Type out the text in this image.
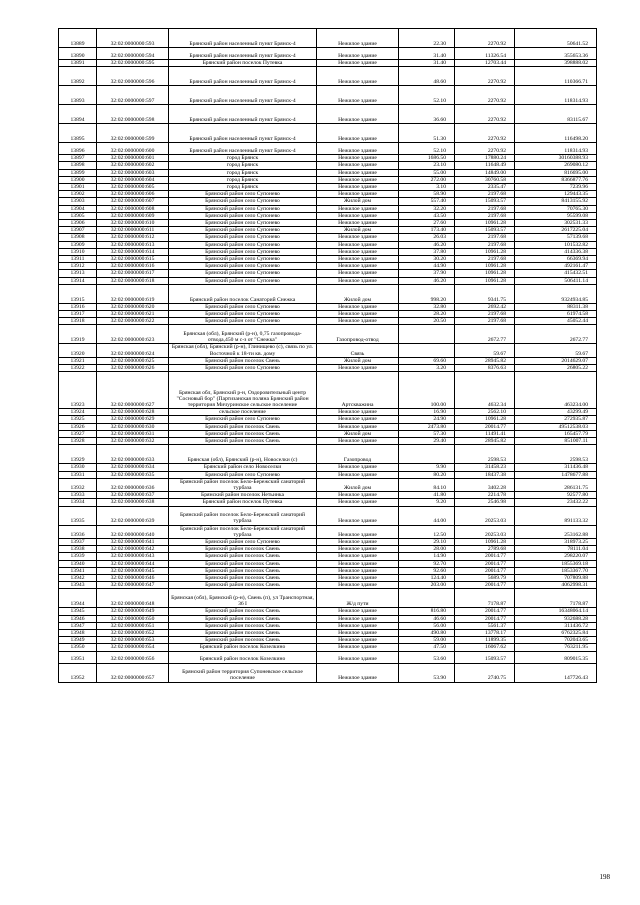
13889	32:02:0000000:593	Брянский район населенный пункт Брянск-4	Нежилое здание	22.30	2270.92	50641.52
13890	32:02:0000000:594	Брянский район населенный пункт Брянск-4	Нежилое здание	31.40	11326.54	355653.36
13891	32:02:0000000:595	Брянский район поселок Путевка	Нежилое здание	31.40	12703.44	398888.02
13892	32:02:0000000:596	Брянский район населенный пункт Брянск-4	Нежилое здание	48.60	2270.92	110366.71
13893	32:02:0000000:597	Брянский район населенный пункт Брянск-4	Нежилое здание	52.10	2270.92	118314.93
13894	32:02:0000000:598	Брянский район населенный пункт Брянск-4	Нежилое здание	36.60	2270.92	83115.67
13895	32:02:0000000:599	Брянский район населенный пункт Брянск-4	Нежилое здание	51.30	2270.92	116498.20
13896	32:02:0000000:600	Брянский район населенный пункт Брянск-4	Нежилое здание	52.10	2270.92	118314.93
13897	32:02:0000000:601	город Брянск	Нежилое здание	1686.50	17880.24	30160388.93
13898	32:02:0000000:602	город Брянск	Нежилое здание	23.10	11648.49	269080.12
13899	32:02:0000000:603	город Брянск	Нежилое здание	55.00	14849.00	816695.00
13900	32:02:0000000:604	город Брянск	Нежилое здание	272.00	30760.58	8366877.76
13901	32:02:0000000:605	город Брянск	Нежилое здание	3.10	2335.47	7239.96
13902	32:02:0000000:606	Брянский район село Супонево	Нежилое здание	58.90	2197.68	129443.35
13903	32:02:0000000:607	Брянский район село Супонево	Жилой дом	557.40	15093.57	8413155.92
13904	32:02:0000000:608	Брянский район село Супонево	Нежилое здание	32.20	2197.68	70765.30
13905	32:02:0000000:609	Брянский район село Супонево	Нежилое здание	43.50	2197.68	95599.08
13906	32:02:0000000:610	Брянский район село Супонево	Нежилое здание	27.60	10961.28	302531.33
13907	32:02:0000000:611	Брянский район село Супонево	Жилой дом	173.40	15093.57	2617225.04
13908	32:02:0000000:612	Брянский район село Супонево	Нежилое здание	26.03	2197.68	57139.68
13909	32:02:0000000:613	Брянский район село Супонево	Нежилое здание	46.20	2197.68	101532.82
13910	32:02:0000000:614	Брянский район село Супонево	Нежилое здание	37.80	10961.28	414336.38
13911	32:02:0000000:615	Брянский район село Супонево	Нежилое здание	30.20	2197.68	66369.94
13912	32:02:0000000:616	Брянский район село Супонево	Нежилое здание	44.90	10961.28	492161.47
13913	32:02:0000000:617	Брянский район село Супонево	Нежилое здание	37.90	10961.28	415432.51
13914	32:02:0000000:618	Брянский район село Супонево	Нежилое здание	46.20	10961.28	506411.14
13915	32:02:0000000:619	Брянский район поселок Санаторий Снежка	Жилой дом	998.20	9341.75	9324934.85
13916	32:02:0000000:620	Брянский район село Супонево	Нежилое здание	32.80	2692.42	88311.38
13917	32:02:0000000:621	Брянский район село Супонево	Нежилое здание	28.20	2197.68	61974.58
13918	32:02:0000000:622	Брянский район село Супонево	Нежилое здание	20.50	2197.68	45052.44
13919	32:02:0000000:623	Брянская (обл), Брянский (р-н), 0,75 газопровода-отвода,450 м с-з от "Снежка"	Газопровод-отвод		2672.77	2672.77
13920	32:02:0000000:624	Брянская (обл), Брянский (р-н), Глинищево (с), связь по ул. Восточной к 18-ти кв. дому	Связь		59.67	59.67
13921	32:02:0000000:625	Брянский район поселок Свень	Жилой дом	69.60	28945.82	2014629.07
13922	32:02:0000000:626	Брянский район село Супонево	Нежилое здание	3.20	8376.63	26805.22
13923	32:02:0000000:627	Брянская обл, Брянский р-н, Оздоровительный центр "Сосновый бор" (Партизанская поляна Брянский район территория Мичуринское сельское поселение	Артскважина	100.00	4632.34	463234.00
13924	32:02:0000000:628	сельское поселение	Нежилое здание	16.90	2562.10	43299.49
13925	32:02:0000000:629	Брянский район село Супонево	Нежилое здание	24.90	10961.28	272935.87
13926	32:02:0000000:630	Брянский район поселок Свень	Нежилое здание	2473.80	20014.77	49512538.03
13927	32:02:0000000:631	Брянский район поселок Свень	Жилой дом	57.30	11491.41	165457.79
13928	32:02:0000000:632	Брянский район поселок Свень	Нежилое здание	29.40	28945.82	851007.11
13929	32:02:0000000:633	Брянская (обл), Брянский (р-н), Новоселки (с)	Газопровод		2598.53	2598.53
13930	32:02:0000000:634	Брянский район село Новоселки	Нежилое здание	9.90	31458.23	311436.48
13931	32:02:0000000:635	Брянский район село Супонево	Нежилое здание	80.20	18437.38	1478677.88
13932	32:02:0000000:636	Брянский район поселок Бело-Бережский санаторий турбаза	Жилой дом	84.10	3402.28	286131.75
13933	32:02:0000000:637	Брянский район поселок Нетьинка	Нежилое здание	41.80	2214.78	92577.80
13934	32:02:0000000:638	Брянский район поселок Путевка	Нежилое здание	9.20	2546.98	23432.22
13935	32:02:0000000:639	Брянский район поселок Бело-Бережский санаторий турбаза	Нежилое здание	44.00	20253.03	891133.32
13936	32:02:0000000:640	Брянский район поселок Бело-Бережский санаторий турбаза	Нежилое здание	12.50	20253.03	253162.88
13937	32:02:0000000:641	Брянский район село Супонево	Нежилое здание	29.10	10961.28	318973.25
13938	32:02:0000000:642	Брянский район поселок Свень	Нежилое здание	28.00	2789.68	78111.04
13939	32:02:0000000:643	Брянский район поселок Свень	Нежилое здание	14.90	20014.77	298220.07
13940	32:02:0000000:644	Брянский район поселок Свень	Нежилое здание	92.70	20014.77	1855369.18
13941	32:02:0000000:645	Брянский район поселок Свень	Нежилое здание	92.60	20014.77	1853367.70
13942	32:02:0000000:646	Брянский район поселок Свень	Нежилое здание	124.40	5689.79	707809.88
13943	32:02:0000000:647	Брянский район поселок Свень	Нежилое здание	203.00	20014.77	4062998.31
13944	32:02:0000000:648	Брянская (обл), Брянский (р-н), Свень (п), ул Транспортная, 36 I	Ж/д пути		7178.87	7178.87
13945	32:02:0000000:649	Брянский район поселок Свень	Нежилое здание	816.80	20014.77	16348064.14
13946	32:02:0000000:650	Брянский район поселок Свень	Нежилое здание	46.60	20014.77	932688.28
13947	32:02:0000000:651	Брянский район поселок Свень	Нежилое здание	56.00	5561.37	311436.72
13948	32:02:0000000:652	Брянский район поселок Свень	Нежилое здание	490.80	13778.17	6762325.84
13949	32:02:0000000:653	Брянский район поселок Свень	Нежилое здание	59.00	11899.35	702043.65
13950	32:02:0000000:654	Брянский район поселок Козелкино	Нежилое здание	47.50	16067.62	763211.95
13951	32:02:0000000:656	Брянский район поселок Козелкино	Нежилое здание	53.60	15093.57	809015.35
13952	32:02:0000000:657	Брянский район территория Супоневское сельское поселение	Нежилое здание	53.90	2740.75	147726.43
198
